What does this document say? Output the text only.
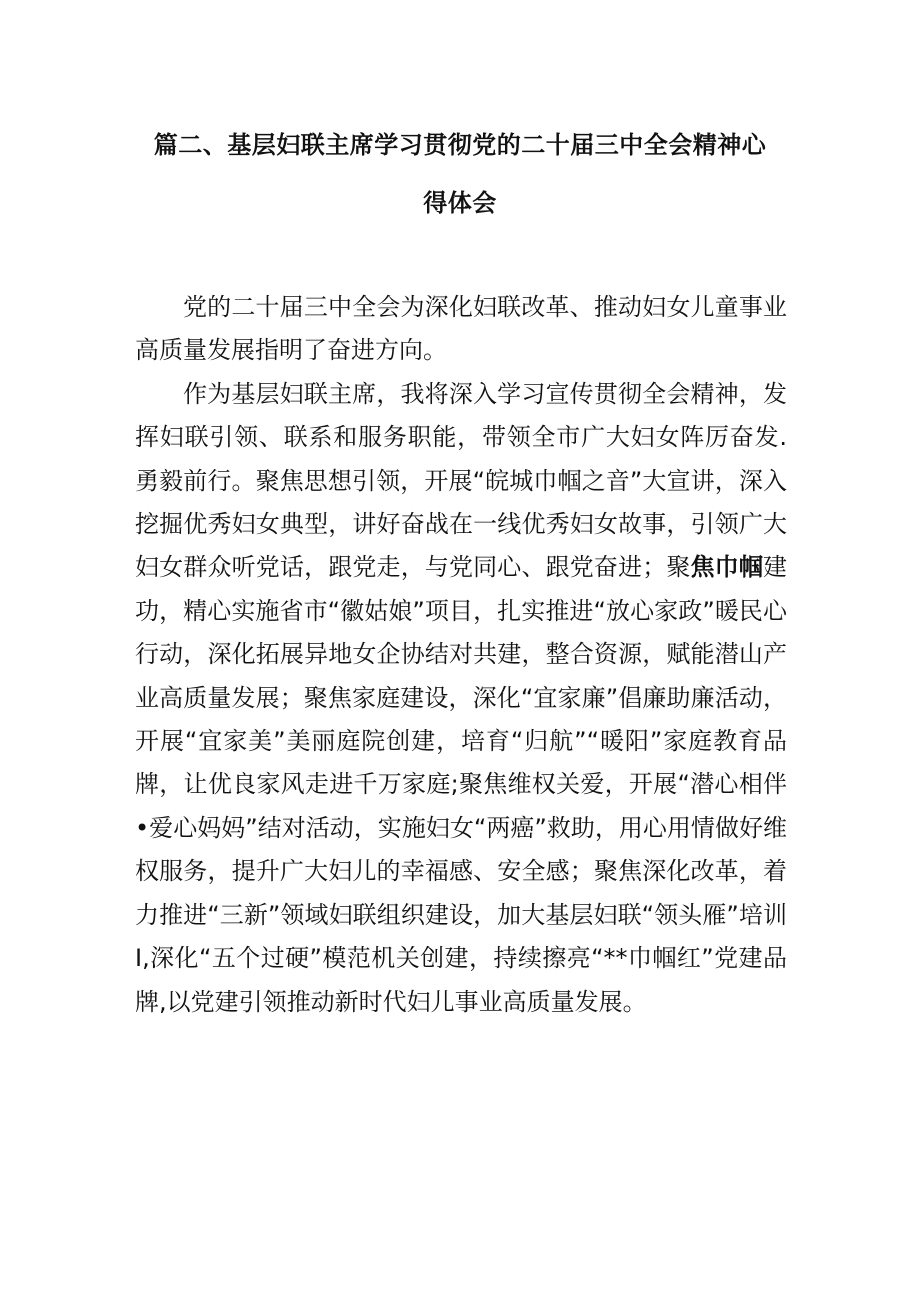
篇二、基层妇联主席学习贯彻党的二十届三中全会精神心
得体会

党的二十届三中全会为深化妇联改革、推动妇女儿童事业高质量发展指明了奋进方向。

作为基层妇联主席，我将深入学习宣传贯彻全会精神，发挥妇联引领、联系和服务职能，带领全市广大妇女阵厉奋发.勇毅前行。聚焦思想引领，开展“皖城巾帼之音”大宣讲，深入挖掘优秀妇女典型，讲好奋战在一线优秀妇女故事，引领广大妇女群众听党话，跟党走，与党同心、跟党奋进；聚焦巾帼建功，精心实施省市“徽姑娘”项目，扎实推进“放心家政”暖民心行动，深化拓展异地女企协结对共建，整合资源，赋能潜山产业高质量发展；聚焦家庭建设，深化“宜家廉”倡廉助廉活动，开展“宜家美”美丽庭院创建，培育“归航”“暖阳”家庭教育品牌，让优良家风走进千万家庭;聚焦维权关爱，开展“潜心相伴•爱心妈妈”结对活动，实施妇女“两癌”救助，用心用情做好维权服务，提升广大妇儿的幸福感、安全感；聚焦深化改革，着力推进“三新”领域妇联组织建设，加大基层妇联“领头雁”培训I,深化“五个过硬”模范机关创建，持续擦亮“**巾帼红”党建品牌,以党建引领推动新时代妇儿事业高质量发展。
